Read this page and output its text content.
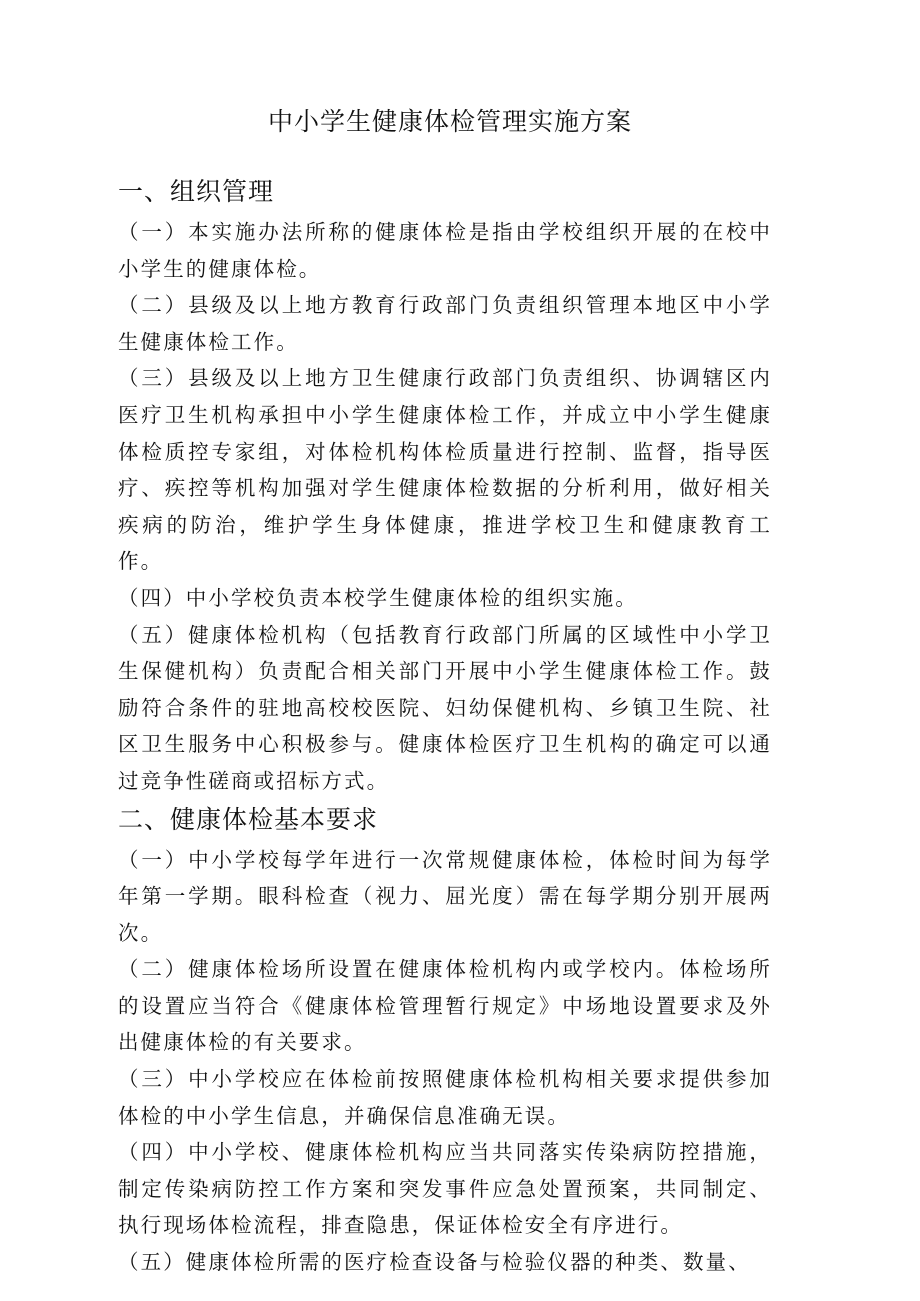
中小学生健康体检管理实施方案
一、组织管理

（一）本实施办法所称的健康体检是指由学校组织开展的在校中小学生的健康体检。

（二）县级及以上地方教育行政部门负责组织管理本地区中小学生健康体检工作。

（三）县级及以上地方卫生健康行政部门负责组织、协调辖区内医疗卫生机构承担中小学生健康体检工作，并成立中小学生健康体检质控专家组，对体检机构体检质量进行控制、监督，指导医疗、疾控等机构加强对学生健康体检数据的分析利用，做好相关疾病的防治，维护学生身体健康，推进学校卫生和健康教育工作。

（四）中小学校负责本校学生健康体检的组织实施。

（五）健康体检机构（包括教育行政部门所属的区域性中小学卫生保健机构）负责配合相关部门开展中小学生健康体检工作。鼓励符合条件的驻地高校校医院、妇幼保健机构、乡镇卫生院、社区卫生服务中心积极参与。健康体检医疗卫生机构的确定可以通过竞争性磋商或招标方式。

二、健康体检基本要求

（一）中小学校每学年进行一次常规健康体检，体检时间为每学年第一学期。眼科检查（视力、屈光度）需在每学期分别开展两次。

（二）健康体检场所设置在健康体检机构内或学校内。体检场所的设置应当符合《健康体检管理暂行规定》中场地设置要求及外出健康体检的有关要求。

（三）中小学校应在体检前按照健康体检机构相关要求提供参加体检的中小学生信息，并确保信息准确无误。

（四）中小学校、健康体检机构应当共同落实传染病防控措施，制定传染病防控工作方案和突发事件应急处置预案，共同制定、执行现场体检流程，排查隐患，保证体检安全有序进行。

（五）健康体检所需的医疗检查设备与检验仪器的种类、数量、
